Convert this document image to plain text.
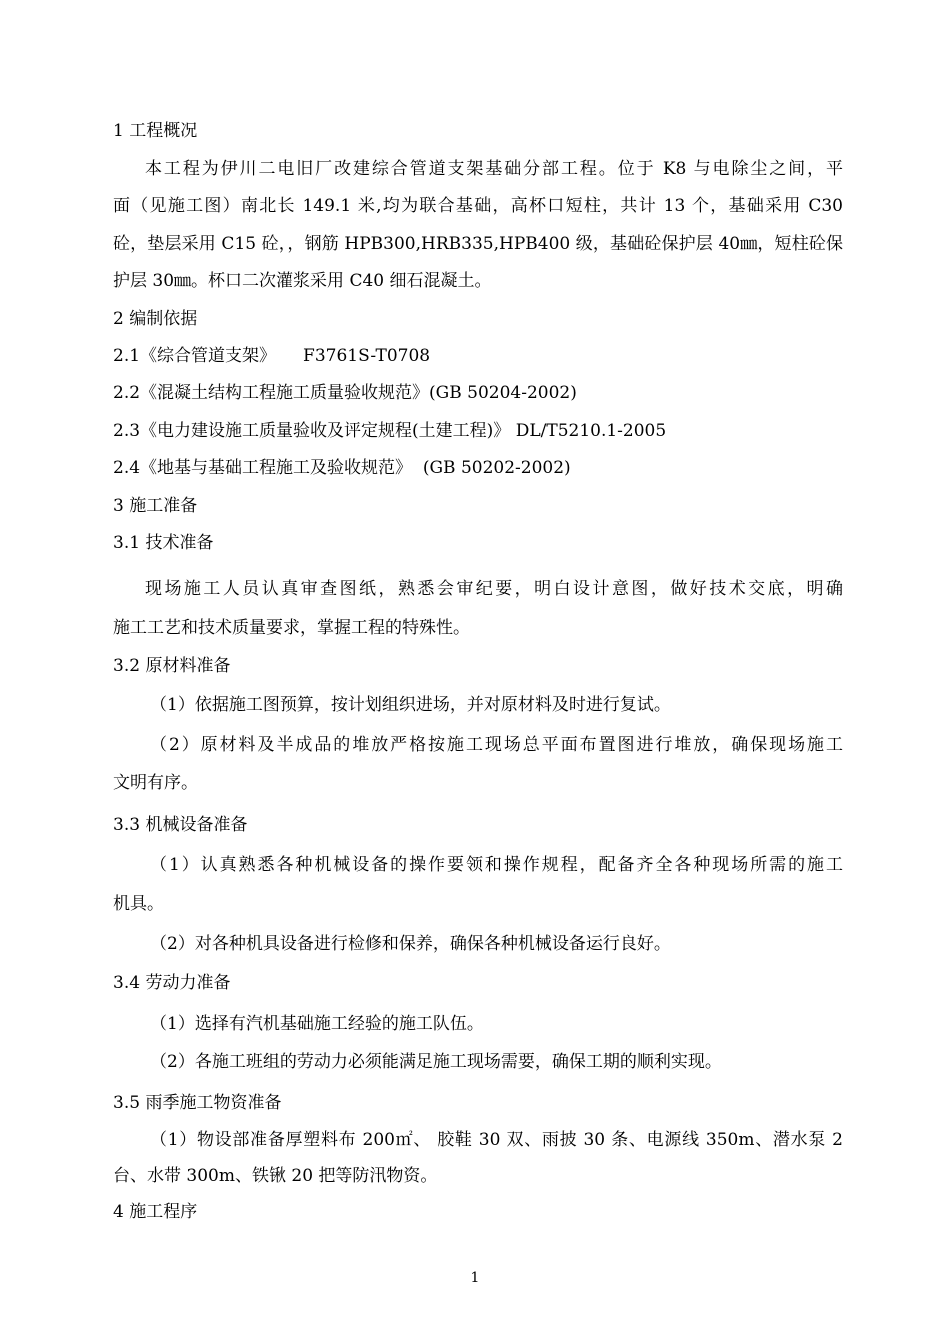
1 工程概况
本工程为伊川二电旧厂改建综合管道支架基础分部工程。位于 K8 与电除尘之间，平
面（见施工图）南北长 149.1 米,均为联合基础，高杯口短柱，共计 13 个，基础采用 C30
砼，垫层采用 C15 砼，，钢筋 HPB300,HRB335,HPB400 级，基础砼保护层 40㎜，短柱砼保
护层 30㎜。杯口二次灌浆采用 C40 细石混凝土。
2 编制依据
2.1《综合管道支架》     F3761S-T0708
2.2《混凝土结构工程施工质量验收规范》(GB 50204-2002)
2.3《电力建设施工质量验收及评定规程(土建工程)》 DL/T5210.1-2005
2.4《地基与基础工程施工及验收规范》  (GB 50202-2002)
3 施工准备
3.1 技术准备
现场施工人员认真审查图纸，熟悉会审纪要，明白设计意图，做好技术交底，明确
施工工艺和技术质量要求，掌握工程的特殊性。
3.2 原材料准备
（1）依据施工图预算，按计划组织进场，并对原材料及时进行复试。
（2）原材料及半成品的堆放严格按施工现场总平面布置图进行堆放，确保现场施工
文明有序。
3.3 机械设备准备
（1）认真熟悉各种机械设备的操作要领和操作规程，配备齐全各种现场所需的施工
机具。
（2）对各种机具设备进行检修和保养，确保各种机械设备运行良好。
3.4 劳动力准备
（1）选择有汽机基础施工经验的施工队伍。
（2）各施工班组的劳动力必须能满足施工现场需要，确保工期的顺利实现。
3.5 雨季施工物资准备
（1）物设部准备厚塑料布 200㎡、 胶鞋 30 双、雨披 30 条、电源线 350m、潜水泵 2
台、水带 300m、铁锹 20 把等防汛物资。
4 施工程序
1
